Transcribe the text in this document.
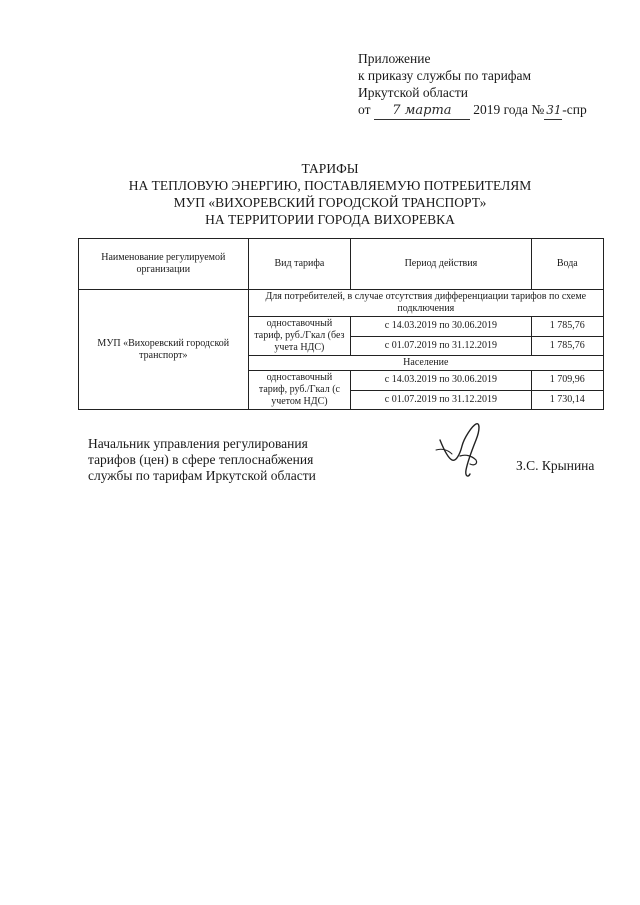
Приложение
к приказу службы по тарифам
Иркутской области
от 7 марта 2019 года № 31-спр
ТАРИФЫ
НА ТЕПЛОВУЮ ЭНЕРГИЮ, ПОСТАВЛЯЕМУЮ ПОТРЕБИТЕЛЯМ
МУП «ВИХОРЕВСКИЙ ГОРОДСКОЙ ТРАНСПОРТ»
НА ТЕРРИТОРИИ ГОРОДА ВИХОРЕВКА
Наименование регулируемой организации	Вид тарифа	Период действия	Вода
МУП «Вихоревский городской транспорт»	Для потребителей, в случае отсутствия дифференциации тарифов по схеме подключения		
	одноставочный тариф, руб./Гкал (без учета НДС)	с 14.03.2019 по 30.06.2019	1 785,76
		с 01.07.2019 по 31.12.2019	1 785,76
	Население		
	одноставочный тариф, руб./Гкал (с учетом НДС)	с 14.03.2019 по 30.06.2019	1 709,96
		с 01.07.2019 по 31.12.2019	1 730,14
Начальник управления регулирования
тарифов (цен) в сфере теплоснабжения
службы по тарифам Иркутской области
З.С. Крынина
